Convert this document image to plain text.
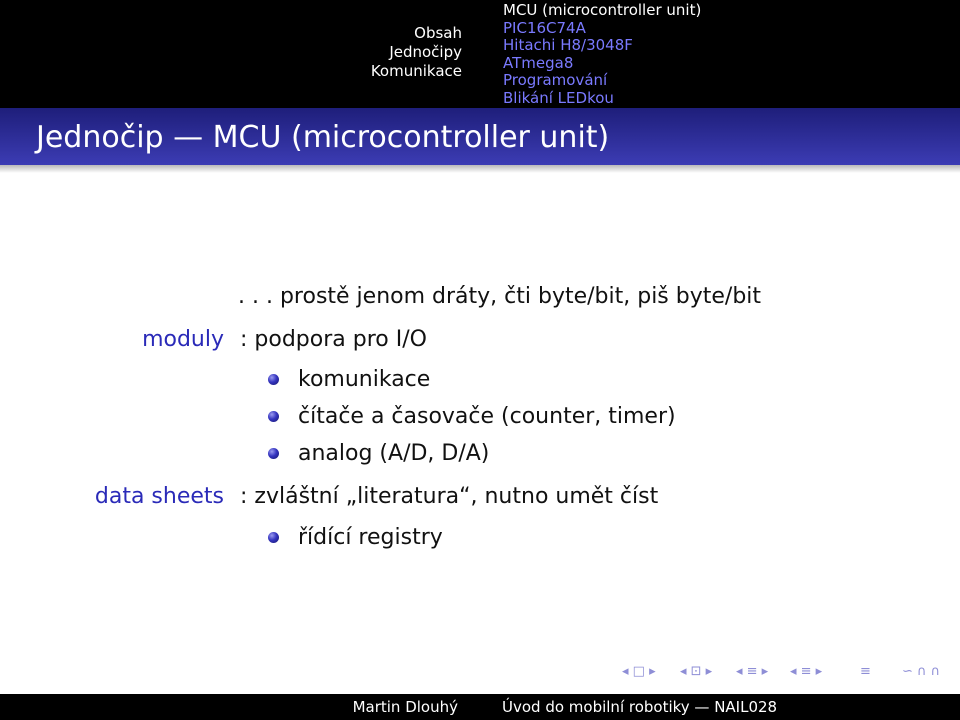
Obsah
Jednočipy
Komunikace
MCU (microcontroller unit)
PIC16C74A
Hitachi H8/3048F
ATmega8
Programování
Blikání LEDkou
Jednočip — MCU (microcontroller unit)
. . . prostě jenom dráty, čti byte/bit, piš byte/bit
moduly : podpora pro I/O
komunikace
čítače a časovače (counter, timer)
analog (A/D, D/A)
data sheets : zvláštní „literatura“, nutno umět číst
řídící registry
◂ □ ▸ ◂ ⊡ ▸ ◂ ≡ ▸ ◂ ≡ ▸	≡ ∽ ∩ ∩
Martin Dlouhý	Úvod do mobilní robotiky — NAIL028
